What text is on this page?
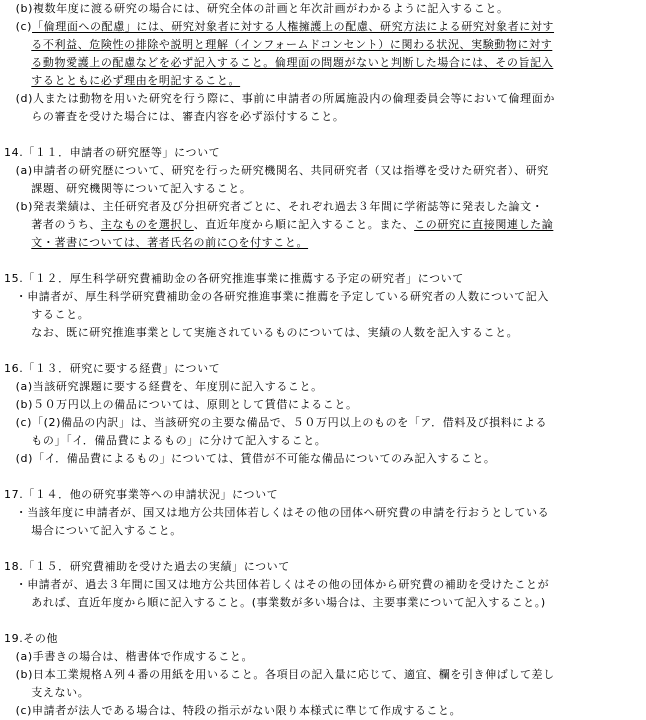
　(b)複数年度に渡る研究の場合には、研究全体の計画と年次計画がわかるように記入すること。
　(c)「倫理面への配慮」には、研究対象者に対する人権擁護上の配慮、研究方法による研究対象者に対す
　　 る不利益、危険性の排除や説明と理解（インフォームドコンセント）に関わる状況、実験動物に対す
　　 る動物愛護上の配慮などを必ず記入すること。倫理面の問題がないと判断した場合には、その旨記入
　　 するとともに必ず理由を明記すること。
　(d)人または動物を用いた研究を行う際に、事前に申請者の所属施設内の倫理委員会等において倫理面か
　　 らの審査を受けた場合には、審査内容を必ず添付すること。
14.「１１．申請者の研究歴等」について
　(a)申請者の研究歴について、研究を行った研究機関名、共同研究者（又は指導を受けた研究者）、研究
　　 課題、研究機関等について記入すること。
　(b)発表業績は、主任研究者及び分担研究者ごとに、それぞれ過去３年間に学術誌等に発表した論文・
　　 著者のうち、主なものを選択し、直近年度から順に記入すること。また、この研究に直接関連した論
　　 文・著書については、著者氏名の前に○を付すこと。
15.「１２．厚生科学研究費補助金の各研究推進事業に推薦する予定の研究者」について
　・申請者が、厚生科学研究費補助金の各研究推進事業に推薦を予定している研究者の人数について記入
　　 すること。
　　 なお、既に研究推進事業として実施されているものについては、実績の人数を記入すること。
16.「１３．研究に要する経費」について
　(a)当該研究課題に要する経費を、年度別に記入すること。
　(b)５０万円以上の備品については、原則として賃借によること。
　(c)「(2)備品の内訳」は、当該研究の主要な備品で、５０万円以上のものを「ア．借料及び損料による
　　 もの」「イ．備品費によるもの」に分けて記入すること。
　(d)「イ．備品費によるもの」については、賃借が不可能な備品についてのみ記入すること。
17.「１４．他の研究事業等への申請状況」について
　・当該年度に申請者が、国又は地方公共団体若しくはその他の団体へ研究費の申請を行おうとしている
　　 場合について記入すること。
18.「１５．研究費補助を受けた過去の実績」について
　・申請者が、過去３年間に国又は地方公共団体若しくはその他の団体から研究費の補助を受けたことが
　　 あれば、直近年度から順に記入すること。(事業数が多い場合は、主要事業について記入すること。)
19.その他
　(a)手書きの場合は、楷書体で作成すること。
　(b)日本工業規格Ａ列４番の用紙を用いること。各項目の記入量に応じて、適宜、欄を引き伸ばして差し
　　 支えない。
　(c)申請者が法人である場合は、特段の指示がない限り本様式に準じて作成すること。
